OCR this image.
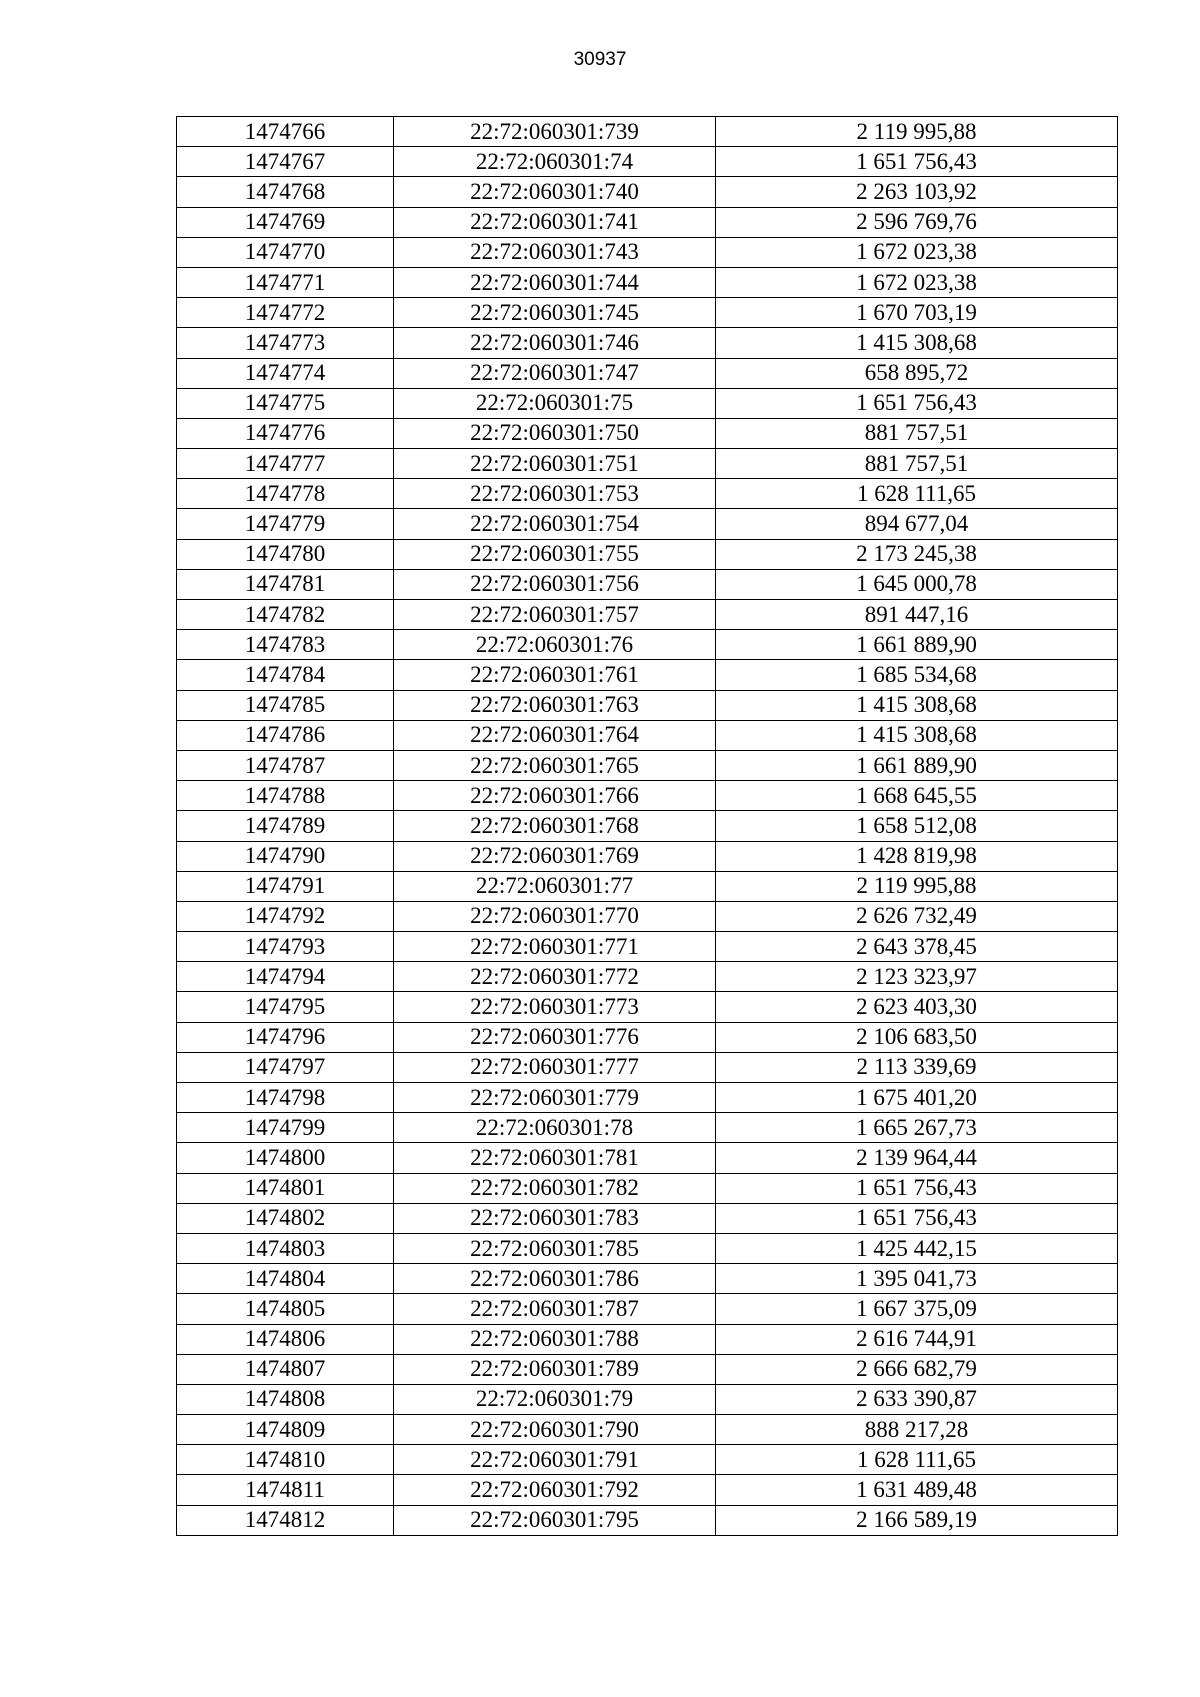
30937
1474766	22:72:060301:739	2 119 995,88
1474767	22:72:060301:74	1 651 756,43
1474768	22:72:060301:740	2 263 103,92
1474769	22:72:060301:741	2 596 769,76
1474770	22:72:060301:743	1 672 023,38
1474771	22:72:060301:744	1 672 023,38
1474772	22:72:060301:745	1 670 703,19
1474773	22:72:060301:746	1 415 308,68
1474774	22:72:060301:747	658 895,72
1474775	22:72:060301:75	1 651 756,43
1474776	22:72:060301:750	881 757,51
1474777	22:72:060301:751	881 757,51
1474778	22:72:060301:753	1 628 111,65
1474779	22:72:060301:754	894 677,04
1474780	22:72:060301:755	2 173 245,38
1474781	22:72:060301:756	1 645 000,78
1474782	22:72:060301:757	891 447,16
1474783	22:72:060301:76	1 661 889,90
1474784	22:72:060301:761	1 685 534,68
1474785	22:72:060301:763	1 415 308,68
1474786	22:72:060301:764	1 415 308,68
1474787	22:72:060301:765	1 661 889,90
1474788	22:72:060301:766	1 668 645,55
1474789	22:72:060301:768	1 658 512,08
1474790	22:72:060301:769	1 428 819,98
1474791	22:72:060301:77	2 119 995,88
1474792	22:72:060301:770	2 626 732,49
1474793	22:72:060301:771	2 643 378,45
1474794	22:72:060301:772	2 123 323,97
1474795	22:72:060301:773	2 623 403,30
1474796	22:72:060301:776	2 106 683,50
1474797	22:72:060301:777	2 113 339,69
1474798	22:72:060301:779	1 675 401,20
1474799	22:72:060301:78	1 665 267,73
1474800	22:72:060301:781	2 139 964,44
1474801	22:72:060301:782	1 651 756,43
1474802	22:72:060301:783	1 651 756,43
1474803	22:72:060301:785	1 425 442,15
1474804	22:72:060301:786	1 395 041,73
1474805	22:72:060301:787	1 667 375,09
1474806	22:72:060301:788	2 616 744,91
1474807	22:72:060301:789	2 666 682,79
1474808	22:72:060301:79	2 633 390,87
1474809	22:72:060301:790	888 217,28
1474810	22:72:060301:791	1 628 111,65
1474811	22:72:060301:792	1 631 489,48
1474812	22:72:060301:795	2 166 589,19
